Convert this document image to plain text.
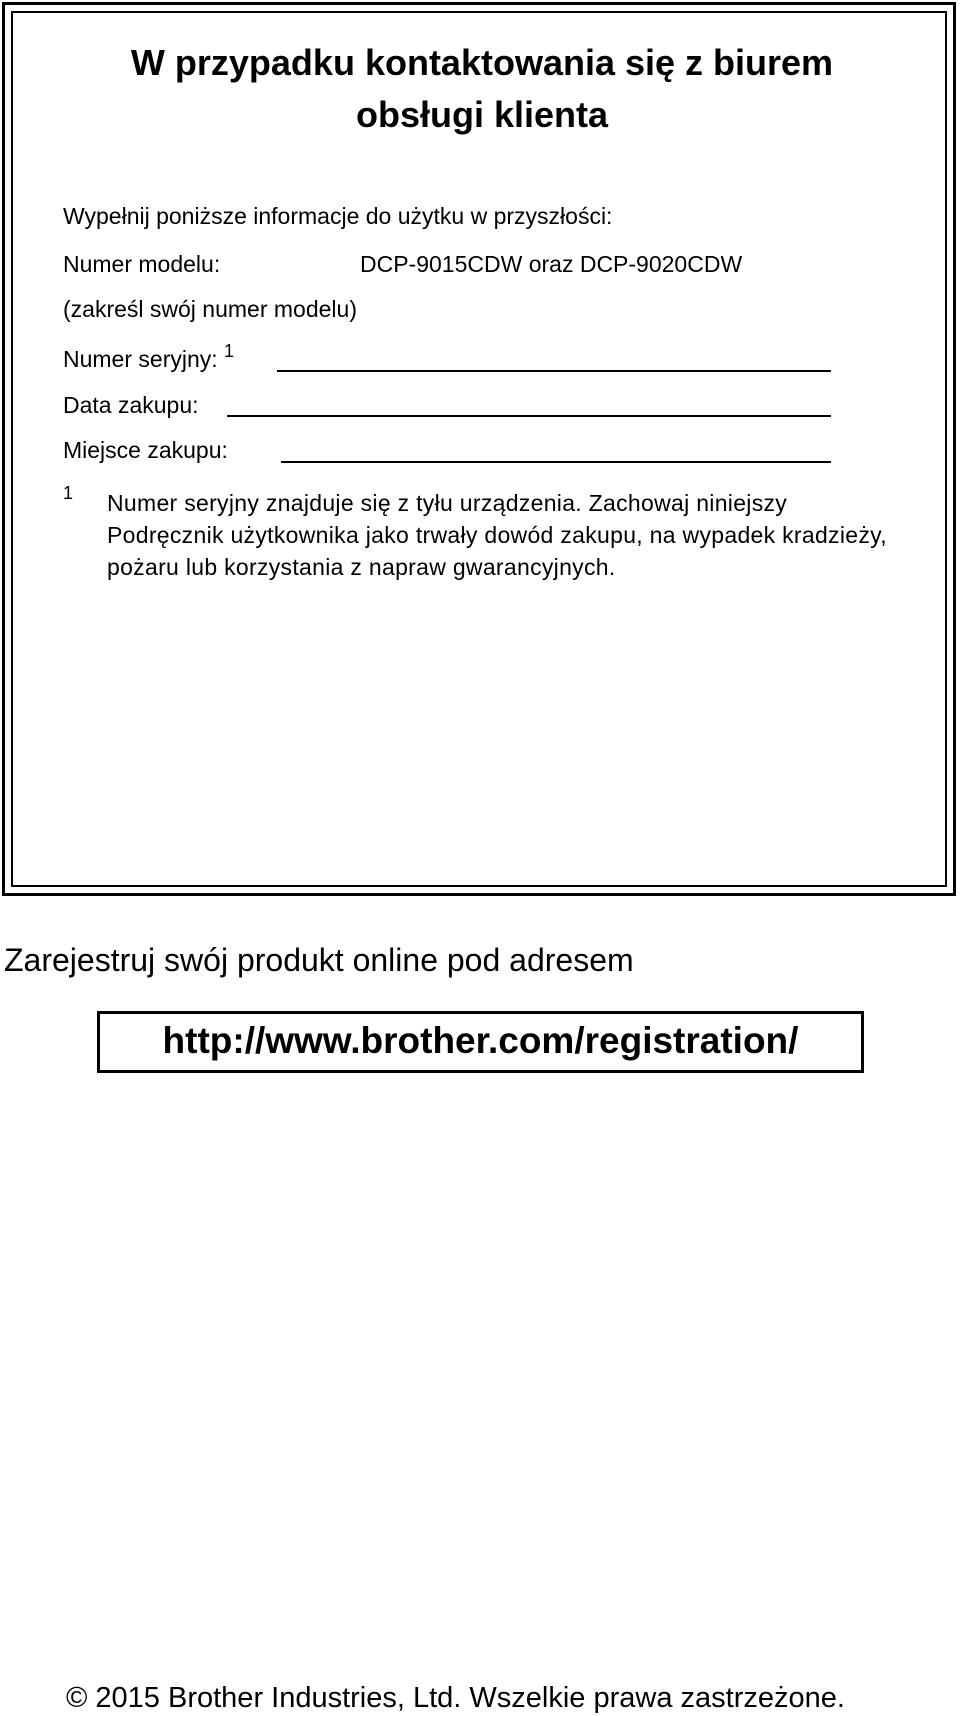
W przypadku kontaktowania się z biurem
obsługi klienta
Wypełnij poniższe informacje do użytku w przyszłości:
Numer modelu:	DCP-9015CDW oraz DCP-9020CDW
(zakreśl swój numer modelu)
Numer seryjny: $^1$
Data zakupu:
Miejsce zakupu:
1 Numer seryjny znajduje się z tyłu urządzenia. Zachowaj niniejszy Podręcznik użytkownika jako trwały dowód zakupu, na wypadek kradzieży, pożaru lub korzystania z napraw gwarancyjnych.
Zarejestruj swój produkt online pod adresem
http://www.brother.com/registration/
© 2015 Brother Industries, Ltd. Wszelkie prawa zastrzeżone.
